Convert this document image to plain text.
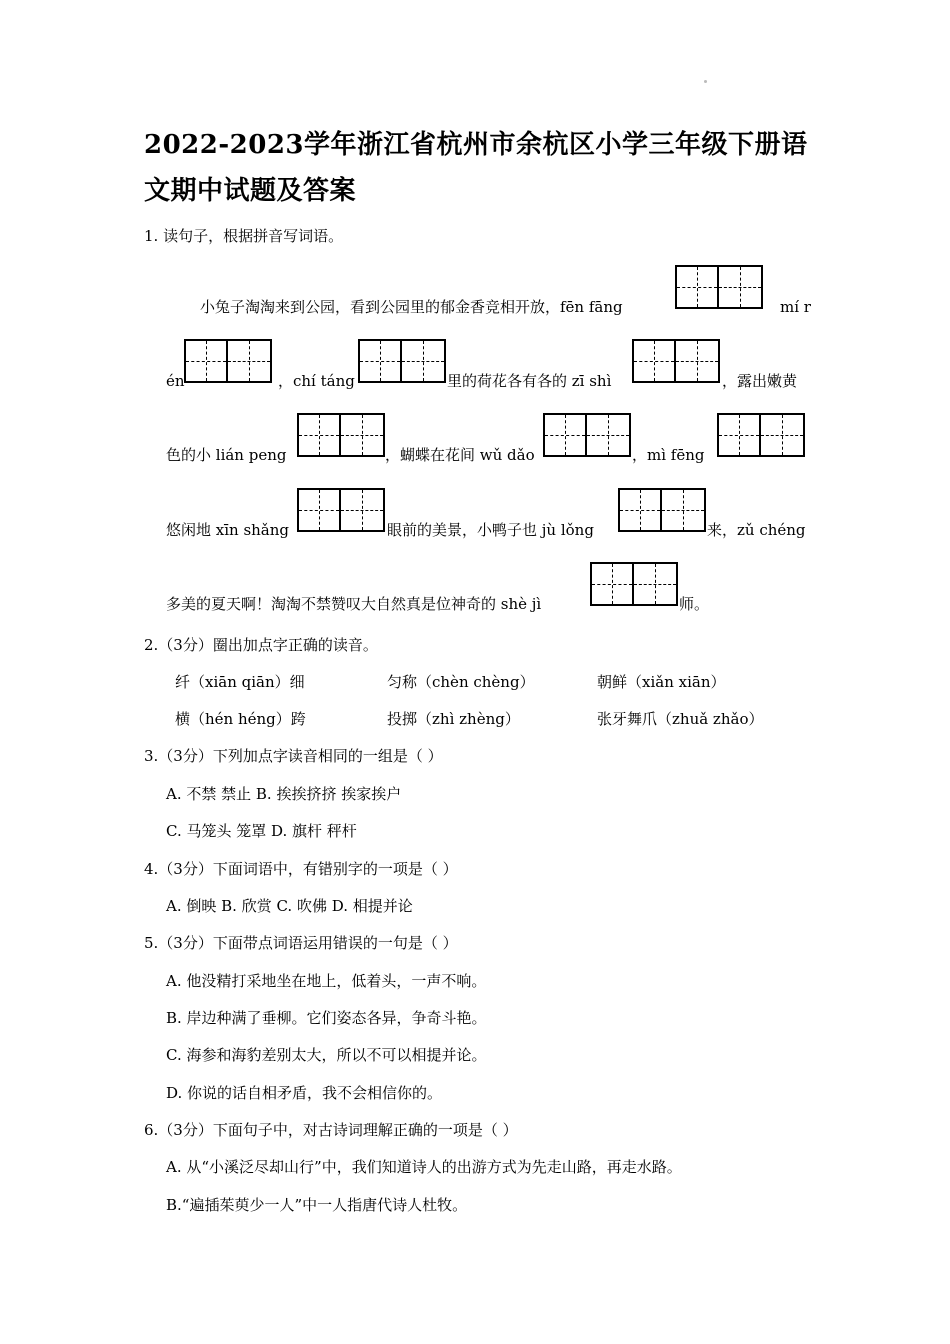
2022-2023学年浙江省杭州市余杭区小学三年级下册语文期中试题及答案

1. 读句子，根据拼音写词语。

小兔子淘淘来到公园，看到公园里的郁金香竞相开放，fēn fāng	mí r
én	，chí táng	里的荷花各有各的 zī shì	，露出嫩黄
色的小 lián peng	，蝴蝶在花间 wǔ dǎo	，mì fēng
悠闲地 xīn shǎng	眼前的美景，小鸭子也 jù lǒng	来，zǔ chéng
多美的夏天啊！淘淘不禁赞叹大自然真是位神奇的 shè jì	师。

2.（3分）圈出加点字正确的读音。

纤（xiān qiān）细	匀称（chèn chèng）	朝鲜（xiǎn xiān）
横（hén héng）跨	投掷（zhì zhèng）	张牙舞爪（zhuǎ zhǎo）

3.（3分）下列加点字读音相同的一组是（ ）

A. 不禁 禁止 B. 挨挨挤挤 挨家挨户
C. 马笼头 笼罩 D. 旗杆 秤杆

4.（3分）下面词语中，有错别字的一项是（ ）

A. 倒映 B. 欣赏 C. 吹佛 D. 相提并论

5.（3分）下面带点词语运用错误的一句是（ ）

A. 他没精打采地坐在地上，低着头，一声不响。
B. 岸边种满了垂柳。它们姿态各异，争奇斗艳。
C. 海参和海豹差别太大，所以不可以相提并论。
D. 你说的话自相矛盾，我不会相信你的。

6.（3分）下面句子中，对古诗词理解正确的一项是（ ）

A. 从“小溪泛尽却山行”中，我们知道诗人的出游方式为先走山路，再走水路。
B.“遍插茱萸少一人”中一人指唐代诗人杜牧。
